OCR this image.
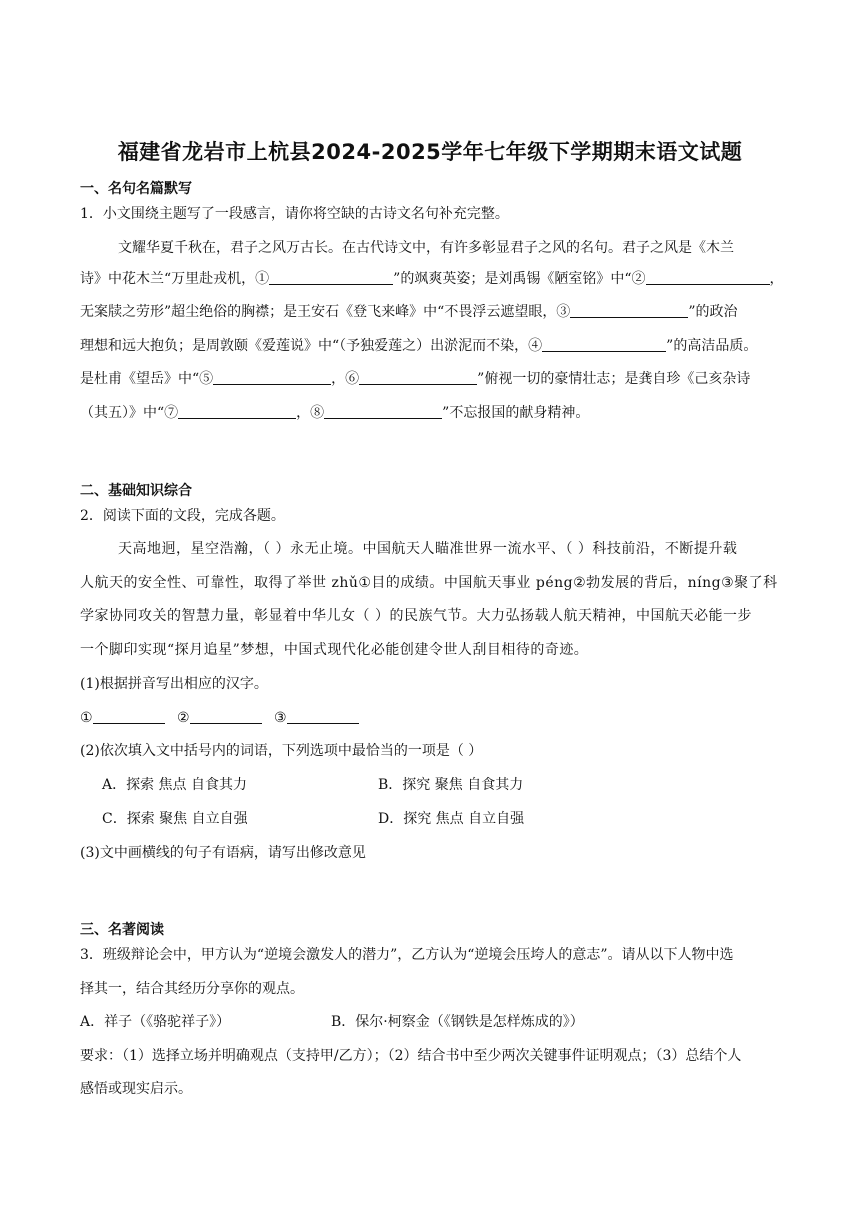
福建省龙岩市上杭县2024-2025学年七年级下学期期末语文试题
一、名句名篇默写
1．小文围绕主题写了一段感言，请你将空缺的古诗文名句补充完整。
文耀华夏千秋在，君子之风万古长。在古代诗文中，有许多彰显君子之风的名句。君子之风是《木兰
诗》中花木兰“万里赴戎机，①	”的飒爽英姿；是刘禹锡《陋室铭》中“②	，
无案牍之劳形”超尘绝俗的胸襟；是王安石《登飞来峰》中“不畏浮云遮望眼，③	”的政治
理想和远大抱负；是周敦颐《爱莲说》中“（予独爱莲之）出淤泥而不染，④	”的高洁品质。
是杜甫《望岳》中“⑤	，⑥	”俯视一切的豪情壮志；是龚自珍《己亥杂诗
（其五）》中“⑦	，⑧	”不忘报国的献身精神。
二、基础知识综合
2．阅读下面的文段，完成各题。
天高地迥，星空浩瀚，（ ）永无止境。中国航天人瞄准世界一流水平、（ ）科技前沿，不断提升载
人航天的安全性、可靠性，取得了举世 zhǔ①目的成绩。中国航天事业 péng②勃发展的背后，níng③聚了科
学家协同攻关的智慧力量，彰显着中华儿女（ ）的民族气节。大力弘扬载人航天精神，中国航天必能一步
一个脚印实现“探月追星”梦想，中国式现代化必能创建令世人刮目相待的奇迹。
(1)根据拼音写出相应的汉字。
①	②	③
(2)依次填入文中括号内的词语，下列选项中最恰当的一项是（ ）
A．探索 焦点 自食其力	B．探究 聚焦 自食其力
C．探索 聚焦 自立自强	D．探究 焦点 自立自强
(3)文中画横线的句子有语病，请写出修改意见
三、名著阅读
3．班级辩论会中，甲方认为“逆境会激发人的潜力”，乙方认为“逆境会压垮人的意志”。请从以下人物中选
择其一，结合其经历分享你的观点。
A．祥子（《骆驼祥子》）	B．保尔·柯察金（《钢铁是怎样炼成的》）
要求：（1）选择立场并明确观点（支持甲/乙方）；（2）结合书中至少两次关键事件证明观点；（3）总结个人
感悟或现实启示。
